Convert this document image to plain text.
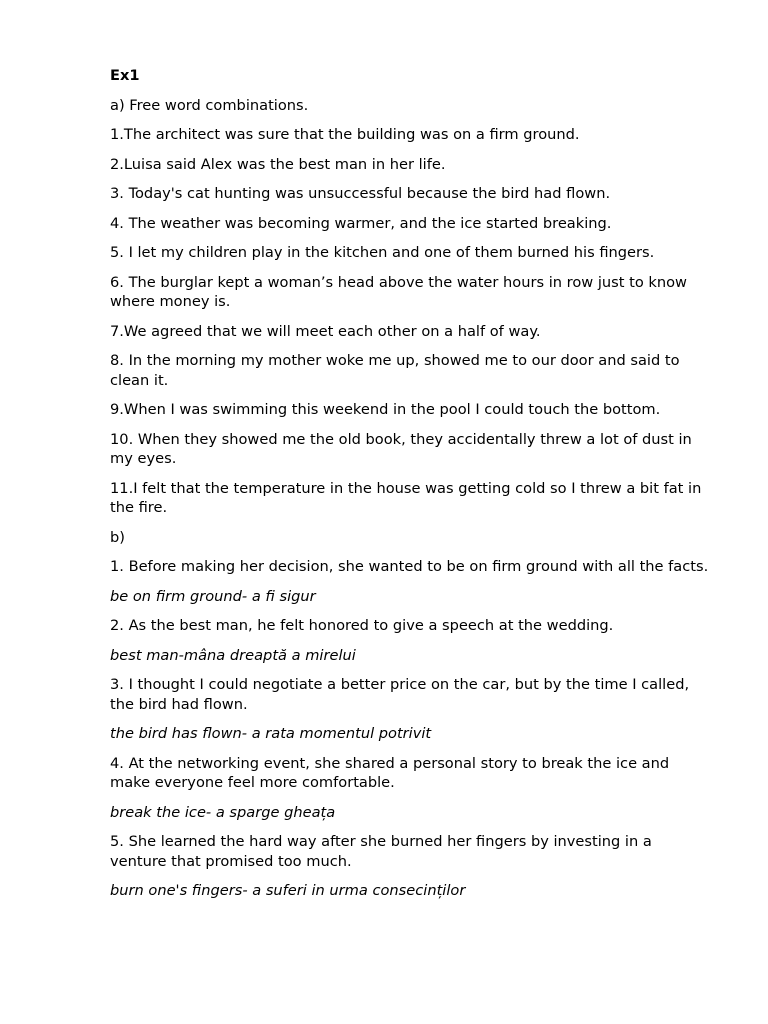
Ex1

a) Free word combinations.

1.The architect was sure that the building was on a firm ground.

2.Luisa said Alex was the best man in her life.

3. Today's cat hunting was unsuccessful because the bird had flown.

4. The weather was becoming warmer, and the ice started breaking.

5. I let my children play in the kitchen and one of them burned his fingers.

6. The burglar kept a woman’s head above the water hours in row just to know where money is.

7.We agreed that we will meet each other on a half of way.

8. In the morning my mother woke me up, showed me to our door and said to clean it.

9.When I was swimming this weekend in the pool I could touch the bottom.

10. When they showed me the old book, they accidentally threw a lot of dust in my eyes.

11.I felt that the temperature in the house was getting cold so I threw a bit fat in the fire.

b)

1. Before making her decision, she wanted to be on firm ground with all the facts.

be on firm ground- a fi sigur

2. As the best man, he felt honored to give a speech at the wedding.

best man-mâna dreaptă a mirelui

3. I thought I could negotiate a better price on the car, but by the time I called, the bird had flown.

the bird has flown- a rata momentul potrivit

4. At the networking event, she shared a personal story to break the ice and make everyone feel more comfortable.

break the ice- a sparge gheața

5. She learned the hard way after she burned her fingers by investing in a venture that promised too much.

burn one's fingers- a suferi in urma consecinților
